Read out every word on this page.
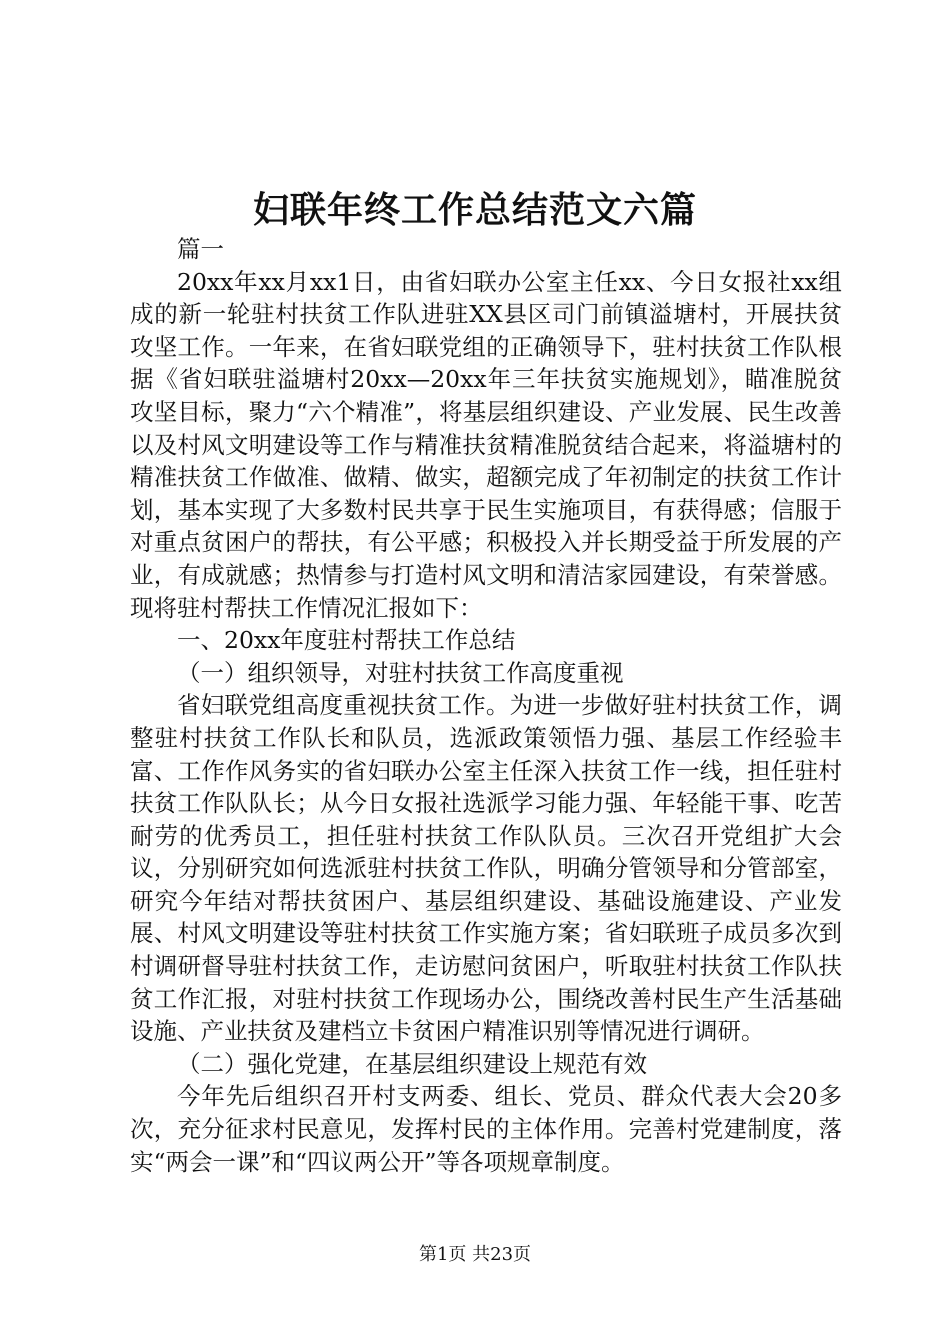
妇联年终工作总结范文六篇

篇一

20xx年xx月xx1日，由省妇联办公室主任xx、今日女报社xx组成的新一轮驻村扶贫工作队进驻XX县区司门前镇溢塘村，开展扶贫攻坚工作。一年来，在省妇联党组的正确领导下，驻村扶贫工作队根据《省妇联驻溢塘村20xx—20xx年三年扶贫实施规划》，瞄准脱贫攻坚目标，聚力“六个精准”，将基层组织建设、产业发展、民生改善以及村风文明建设等工作与精准扶贫精准脱贫结合起来，将溢塘村的精准扶贫工作做准、做精、做实，超额完成了年初制定的扶贫工作计划，基本实现了大多数村民共享于民生实施项目，有获得感；信服于对重点贫困户的帮扶，有公平感；积极投入并长期受益于所发展的产业，有成就感；热情参与打造村风文明和清洁家园建设，有荣誉感。现将驻村帮扶工作情况汇报如下：

一、20xx年度驻村帮扶工作总结

（一）组织领导，对驻村扶贫工作高度重视

省妇联党组高度重视扶贫工作。为进一步做好驻村扶贫工作，调整驻村扶贫工作队长和队员，选派政策领悟力强、基层工作经验丰富、工作作风务实的省妇联办公室主任深入扶贫工作一线，担任驻村扶贫工作队队长；从今日女报社选派学习能力强、年轻能干事、吃苦耐劳的优秀员工，担任驻村扶贫工作队队员。三次召开党组扩大会议，分别研究如何选派驻村扶贫工作队，明确分管领导和分管部室，研究今年结对帮扶贫困户、基层组织建设、基础设施建设、产业发展、村风文明建设等驻村扶贫工作实施方案；省妇联班子成员多次到村调研督导驻村扶贫工作，走访慰问贫困户，听取驻村扶贫工作队扶贫工作汇报，对驻村扶贫工作现场办公，围绕改善村民生产生活基础设施、产业扶贫及建档立卡贫困户精准识别等情况进行调研。

（二）强化党建，在基层组织建设上规范有效

今年先后组织召开村支两委、组长、党员、群众代表大会20多次，充分征求村民意见，发挥村民的主体作用。完善村党建制度，落实“两会一课”和“四议两公开”等各项规章制度。

第1页 共23页
